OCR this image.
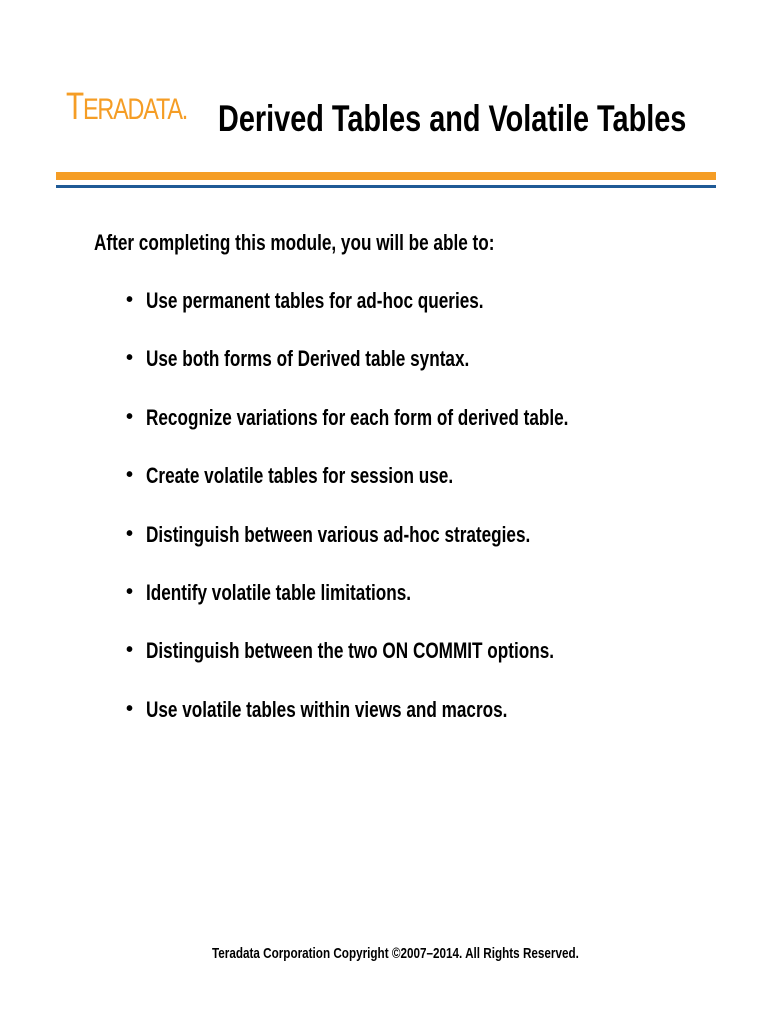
TERADATA. Derived Tables and Volatile Tables

After completing this module, you will be able to:

• Use permanent tables for ad-hoc queries.
• Use both forms of Derived table syntax.
• Recognize variations for each form of derived table.
• Create volatile tables for session use.
• Distinguish between various ad-hoc strategies.
• Identify volatile table limitations.
• Distinguish between the two ON COMMIT options.
• Use volatile tables within views and macros.

Teradata Corporation Copyright ©2007–2014. All Rights Reserved.
